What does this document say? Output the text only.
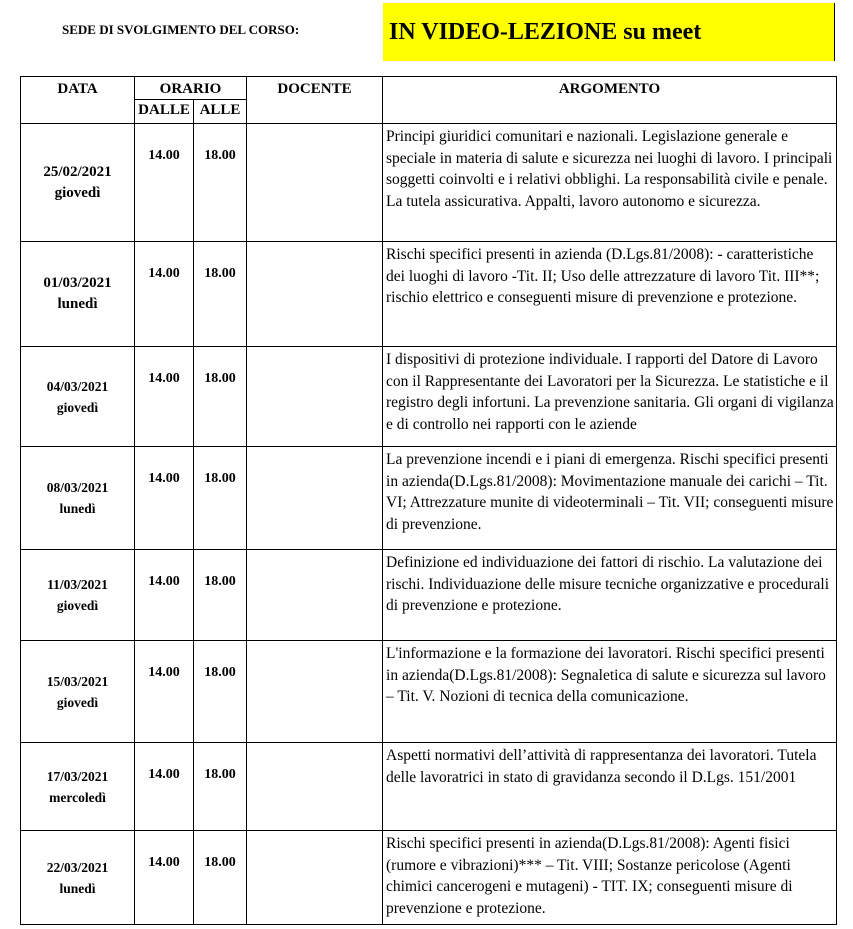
SEDE DI SVOLGIMENTO DEL CORSO:	IN VIDEO-LEZIONE su meet
DATA	ORARIO		DOCENTE	ARGOMENTO
	DALLE	ALLE		

25/02/2021
giovedì	14.00	18.00		Principi giuridici comunitari e nazionali. Legislazione generale e speciale in materia di salute e sicurezza nei luoghi di lavoro. I principali soggetti coinvolti e i relativi obblighi. La responsabilità civile e penale. La tutela assicurativa. Appalti, lavoro autonomo e sicurezza.

01/03/2021
lunedì	14.00	18.00		Rischi specifici presenti in azienda (D.Lgs.81/2008): - caratteristiche dei luoghi di lavoro -Tit. II; Uso delle attrezzature di lavoro Tit. III**; rischio elettrico e conseguenti misure di prevenzione e protezione.

04/03/2021
giovedì	14.00	18.00		I dispositivi di protezione individuale. I rapporti del Datore di Lavoro con il Rappresentante dei Lavoratori per la Sicurezza. Le statistiche e il registro degli infortuni. La prevenzione sanitaria. Gli organi di vigilanza e di controllo nei rapporti con le aziende

08/03/2021
lunedì	14.00	18.00		La prevenzione incendi e i piani di emergenza. Rischi specifici presenti in azienda(D.Lgs.81/2008): Movimentazione manuale dei carichi – Tit. VI; Attrezzature munite di videoterminali – Tit. VII; conseguenti misure di prevenzione.

11/03/2021
giovedì	14.00	18.00		Definizione ed individuazione dei fattori di rischio. La valutazione dei rischi. Individuazione delle misure tecniche organizzative e procedurali di prevenzione e protezione.

15/03/2021
giovedì	14.00	18.00		L'informazione e la formazione dei lavoratori. Rischi specifici presenti in azienda(D.Lgs.81/2008): Segnaletica di salute e sicurezza sul lavoro – Tit. V. Nozioni di tecnica della comunicazione.

17/03/2021
mercoledì	14.00	18.00		Aspetti normativi dell’attività di rappresentanza dei lavoratori. Tutela delle lavoratrici in stato di gravidanza secondo il D.Lgs. 151/2001

22/03/2021
lunedì	14.00	18.00		Rischi specifici presenti in azienda(D.Lgs.81/2008): Agenti fisici (rumore e vibrazioni)*** – Tit. VIII; Sostanze pericolose (Agenti chimici cancerogeni e mutageni) - TIT. IX; conseguenti misure di prevenzione e protezione.
